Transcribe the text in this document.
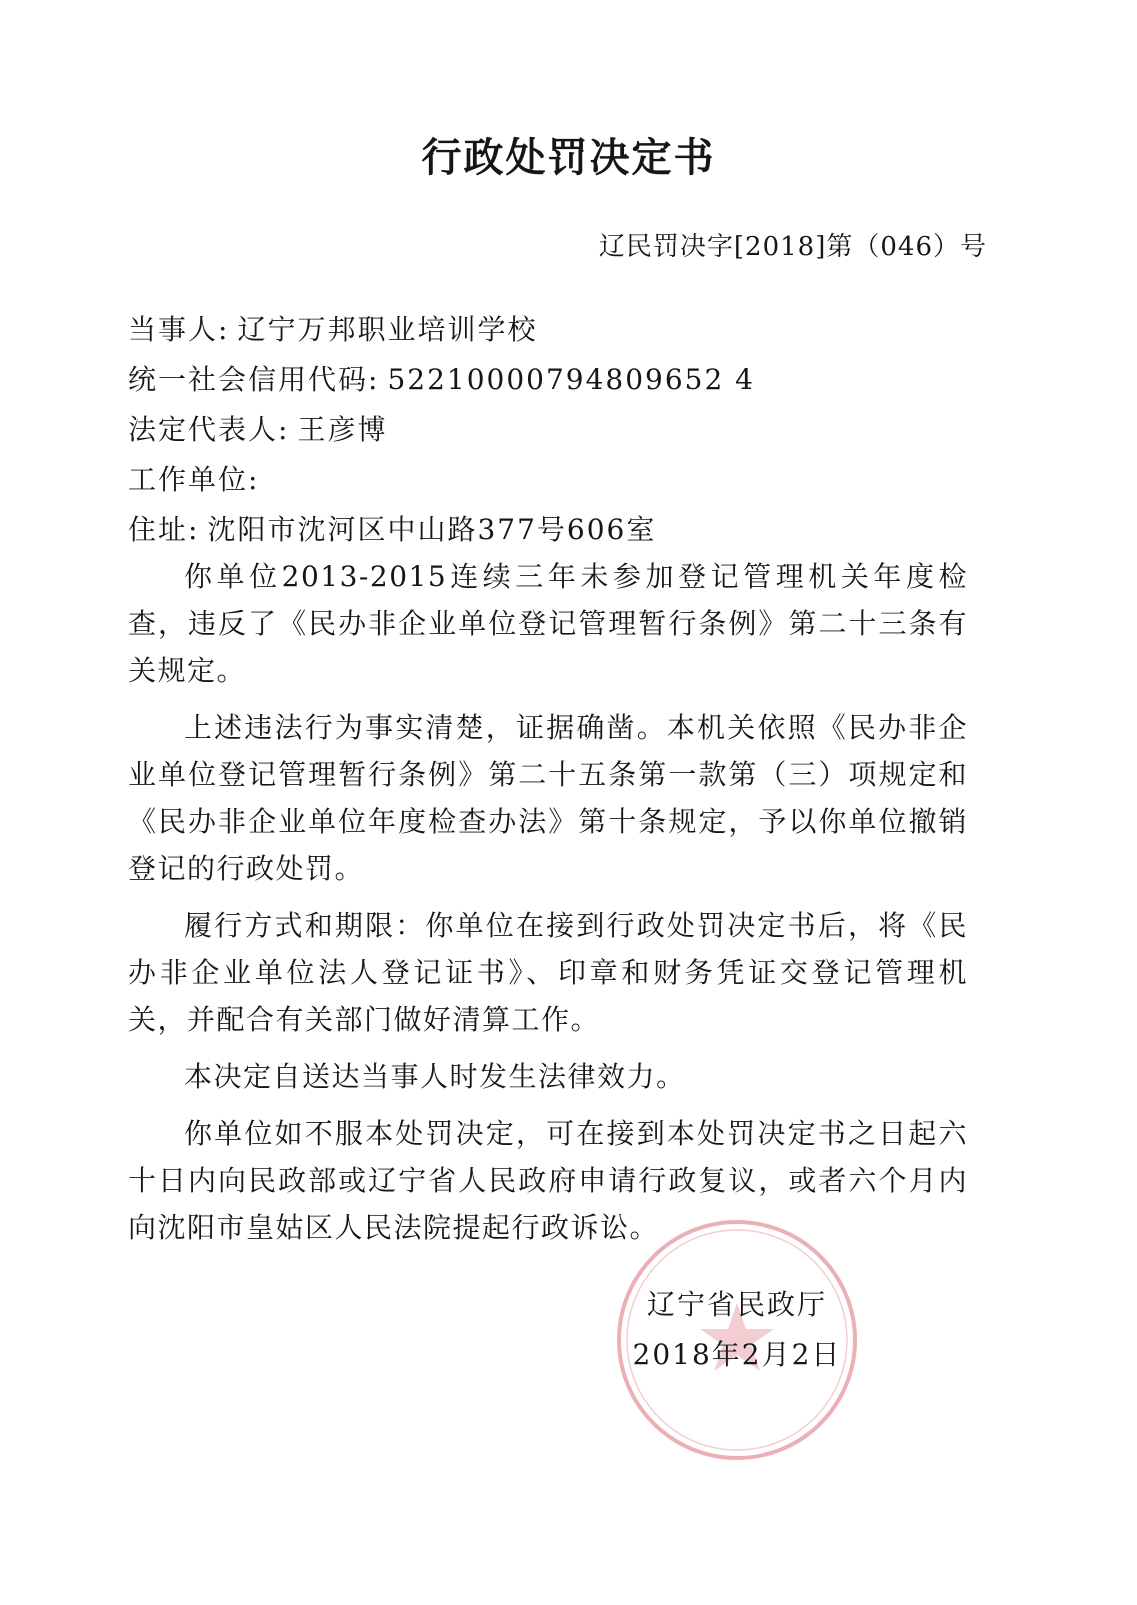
行政处罚决定书

辽民罚决字[2018]第（046）号

当事人: 辽宁万邦职业培训学校

统一社会信用代码: 52210000794809652 4

法定代表人: 王彦博

工作单位:

住址: 沈阳市沈河区中山路377号606室

你单位2013-2015连续三年未参加登记管理机关年度检查，违反了《民办非企业单位登记管理暂行条例》第二十三条有关规定。

上述违法行为事实清楚，证据确凿。本机关依照《民办非企业单位登记管理暂行条例》第二十五条第一款第（三）项规定和《民办非企业单位年度检查办法》第十条规定，予以你单位撤销登记的行政处罚。

履行方式和期限：你单位在接到行政处罚决定书后，将《民办非企业单位法人登记证书》、印章和财务凭证交登记管理机关，并配合有关部门做好清算工作。

本决定自送达当事人时发生法律效力。

你单位如不服本处罚决定，可在接到本处罚决定书之日起六十日内向民政部或辽宁省人民政府申请行政复议，或者六个月内向沈阳市皇姑区人民法院提起行政诉讼。

辽宁省民政厅
2018年2月2日
